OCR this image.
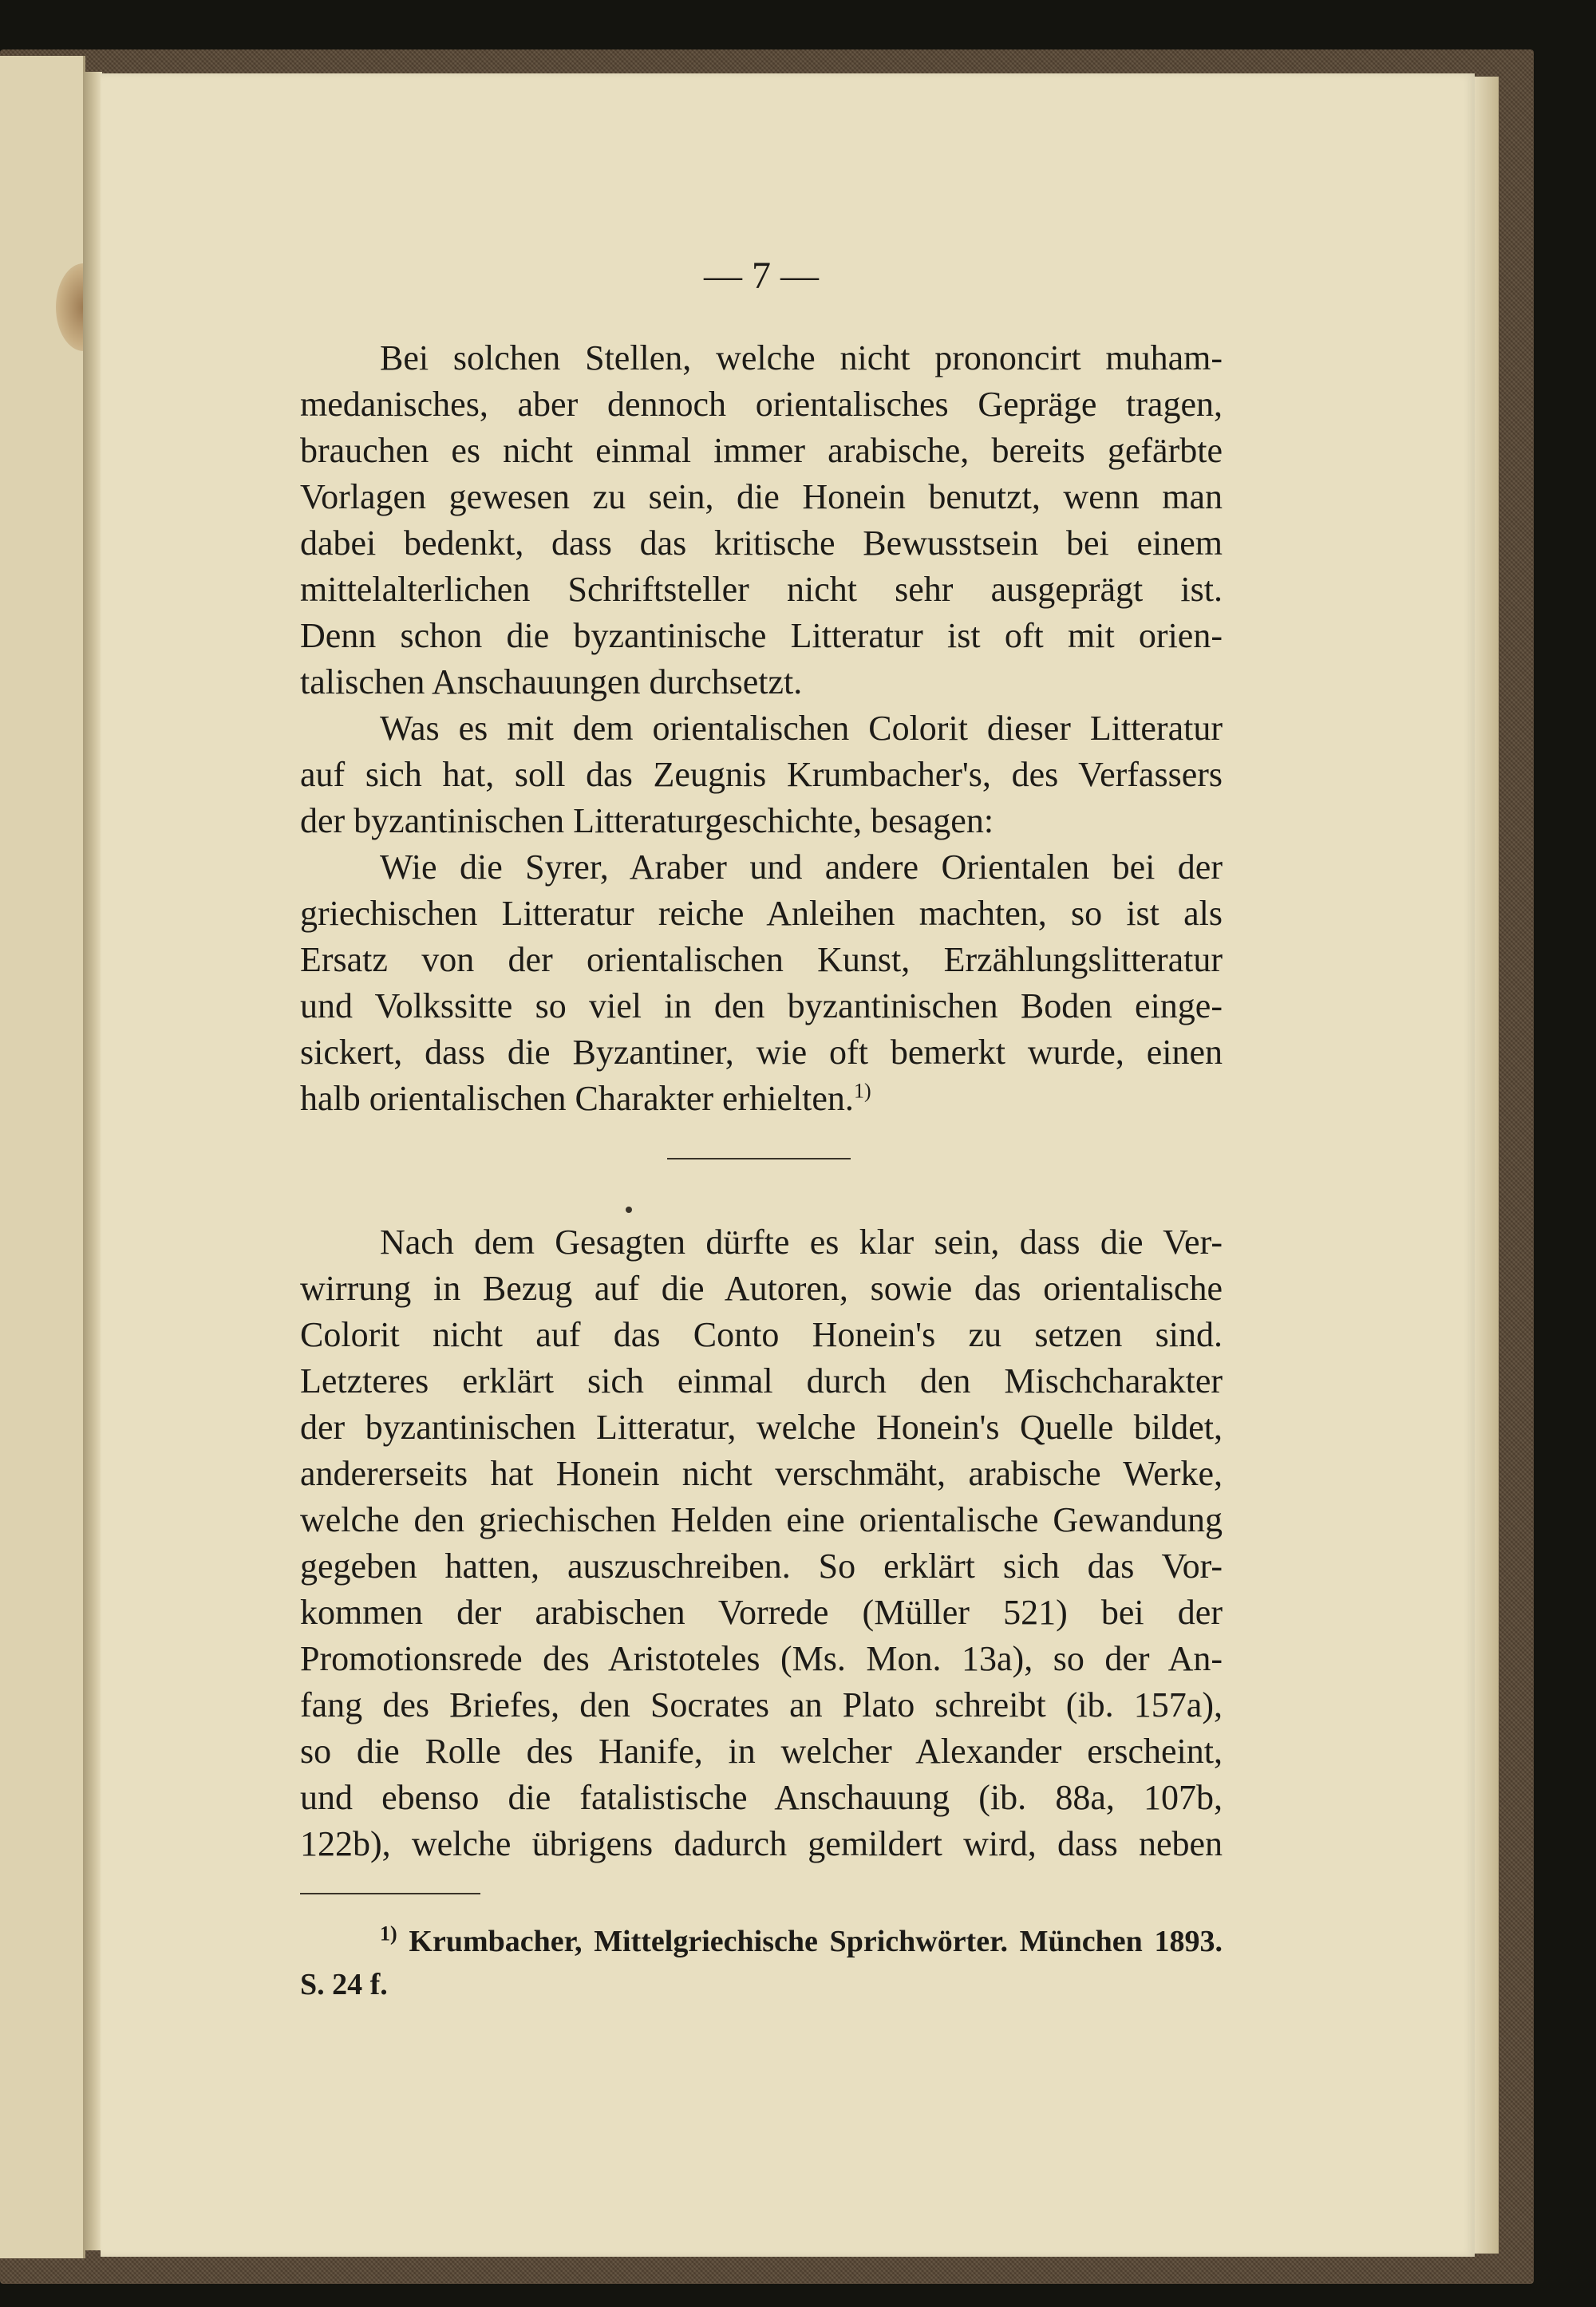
— 7 —
Bei solchen Stellen, welche nicht prononcirt muham-
medanisches, aber dennoch orientalisches Gepräge tragen,
brauchen es nicht einmal immer arabische, bereits gefärbte
Vorlagen gewesen zu sein, die Honein benutzt, wenn man
dabei bedenkt, dass das kritische Bewusstsein bei einem
mittelalterlichen Schriftsteller nicht sehr ausgeprägt ist.
Denn schon die byzantinische Litteratur ist oft mit orien-
talischen Anschauungen durchsetzt.
Was es mit dem orientalischen Colorit dieser Litteratur
auf sich hat, soll das Zeugnis Krumbacher's, des Verfassers
der byzantinischen Litteraturgeschichte, besagen:
Wie die Syrer, Araber und andere Orientalen bei der
griechischen Litteratur reiche Anleihen machten, so ist als
Ersatz von der orientalischen Kunst, Erzählungslitteratur
und Volkssitte so viel in den byzantinischen Boden einge-
sickert, dass die Byzantiner, wie oft bemerkt wurde, einen
halb orientalischen Charakter erhielten.$^{1)}$
Nach dem Gesagten dürfte es klar sein, dass die Ver-
wirrung in Bezug auf die Autoren, sowie das orientalische
Colorit nicht auf das Conto Honein's zu setzen sind.
Letzteres erklärt sich einmal durch den Mischcharakter
der byzantinischen Litteratur, welche Honein's Quelle bildet,
andererseits hat Honein nicht verschmäht, arabische Werke,
welche den griechischen Helden eine orientalische Gewandung
gegeben hatten, auszuschreiben. So erklärt sich das Vor-
kommen der arabischen Vorrede (Müller 521) bei der
Promotionsrede des Aristoteles (Ms. Mon. 13a), so der An-
fang des Briefes, den Socrates an Plato schreibt (ib. 157a),
so die Rolle des Hanife, in welcher Alexander erscheint,
und ebenso die fatalistische Anschauung (ib. 88a, 107b,
122b), welche übrigens dadurch gemildert wird, dass neben
$^{1)}$ Krumbacher, Mittelgriechische Sprichwörter. München 1893.
S. 24 f.
